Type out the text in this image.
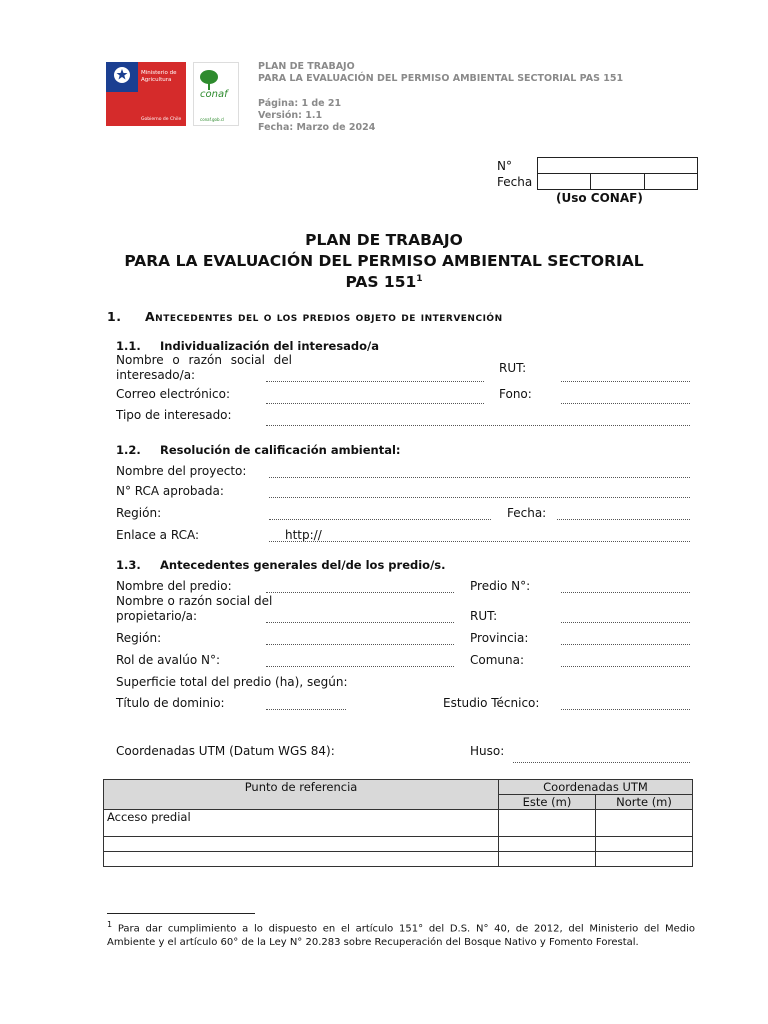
Ministerio de
Agricultura
Gobierno de Chile
conaf
conaf.gob.cl
PLAN DE TRABAJO
PARA LA EVALUACIÓN DEL PERMISO AMBIENTAL SECTORIAL PAS 151
Página: 1 de 21
Versión: 1.1
Fecha: Marzo de 2024
N°
Fecha
(Uso CONAF)
PLAN DE TRABAJO
PARA LA EVALUACIÓN DEL PERMISO AMBIENTAL SECTORIAL
PAS $151^1$
1. Antecedentes del o los predios objeto de intervención
1.1. Individualización del interesado/a
Nombre o razón social del
interesado/a:	RUT:
Correo electrónico:	Fono:
Tipo de interesado:
1.2. Resolución de calificación ambiental:
Nombre del proyecto:
N° RCA aprobada:
Región:	Fecha:
Enlace a RCA:	http://
1.3. Antecedentes generales del/de los predio/s.
Nombre del predio:	Predio N°:
Nombre o razón social del
propietario/a:	RUT:
Región:	Provincia:
Rol de avalúo N°:	Comuna:
Superficie total del predio (ha), según:
Título de dominio:	Estudio Técnico:
Coordenadas UTM (Datum WGS 84):	Huso:
Punto de referencia	Coordenadas UTM	
	Este (m)	Norte (m)
Acceso predial		

$^1$ Para dar cumplimiento a lo dispuesto en el artículo 151° del D.S. N° 40, de 2012, del Ministerio del Medio Ambiente y el artículo 60° de la Ley N° 20.283 sobre Recuperación del Bosque Nativo y Fomento Forestal.
